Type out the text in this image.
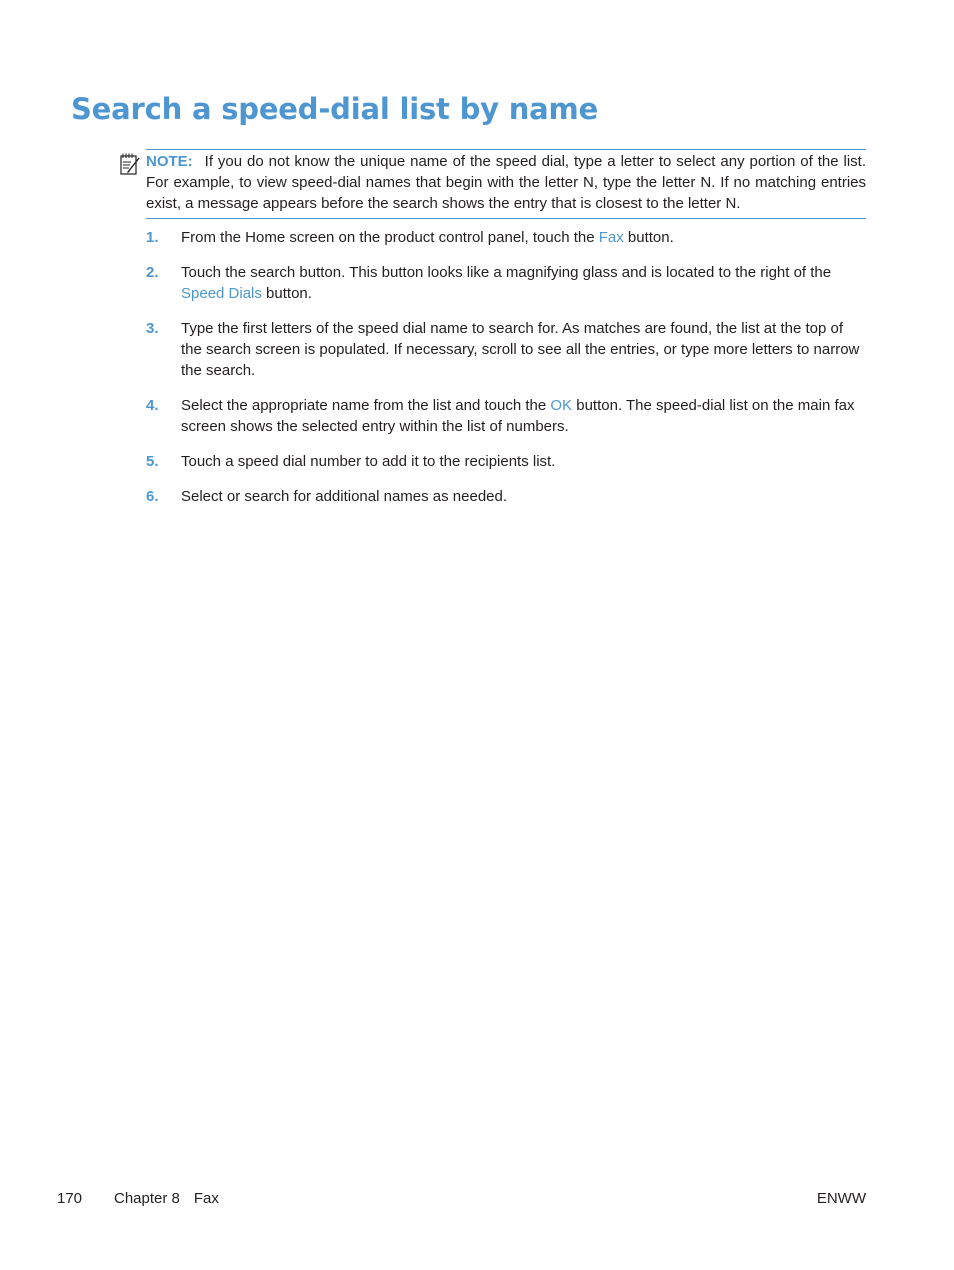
Search a speed-dial list by name
NOTE: If you do not know the unique name of the speed dial, type a letter to select any portion of the list. For example, to view speed-dial names that begin with the letter N, type the letter N. If no matching entries exist, a message appears before the search shows the entry that is closest to the letter N.
1. From the Home screen on the product control panel, touch the Fax button.
2. Touch the search button. This button looks like a magnifying glass and is located to the right of the Speed Dials button.
3. Type the first letters of the speed dial name to search for. As matches are found, the list at the top of the search screen is populated. If necessary, scroll to see all the entries, or type more letters to narrow the search.
4. Select the appropriate name from the list and touch the OK button. The speed-dial list on the main fax screen shows the selected entry within the list of numbers.
5. Touch a speed dial number to add it to the recipients list.
6. Select or search for additional names as needed.
170 Chapter 8 Fax	ENWW
